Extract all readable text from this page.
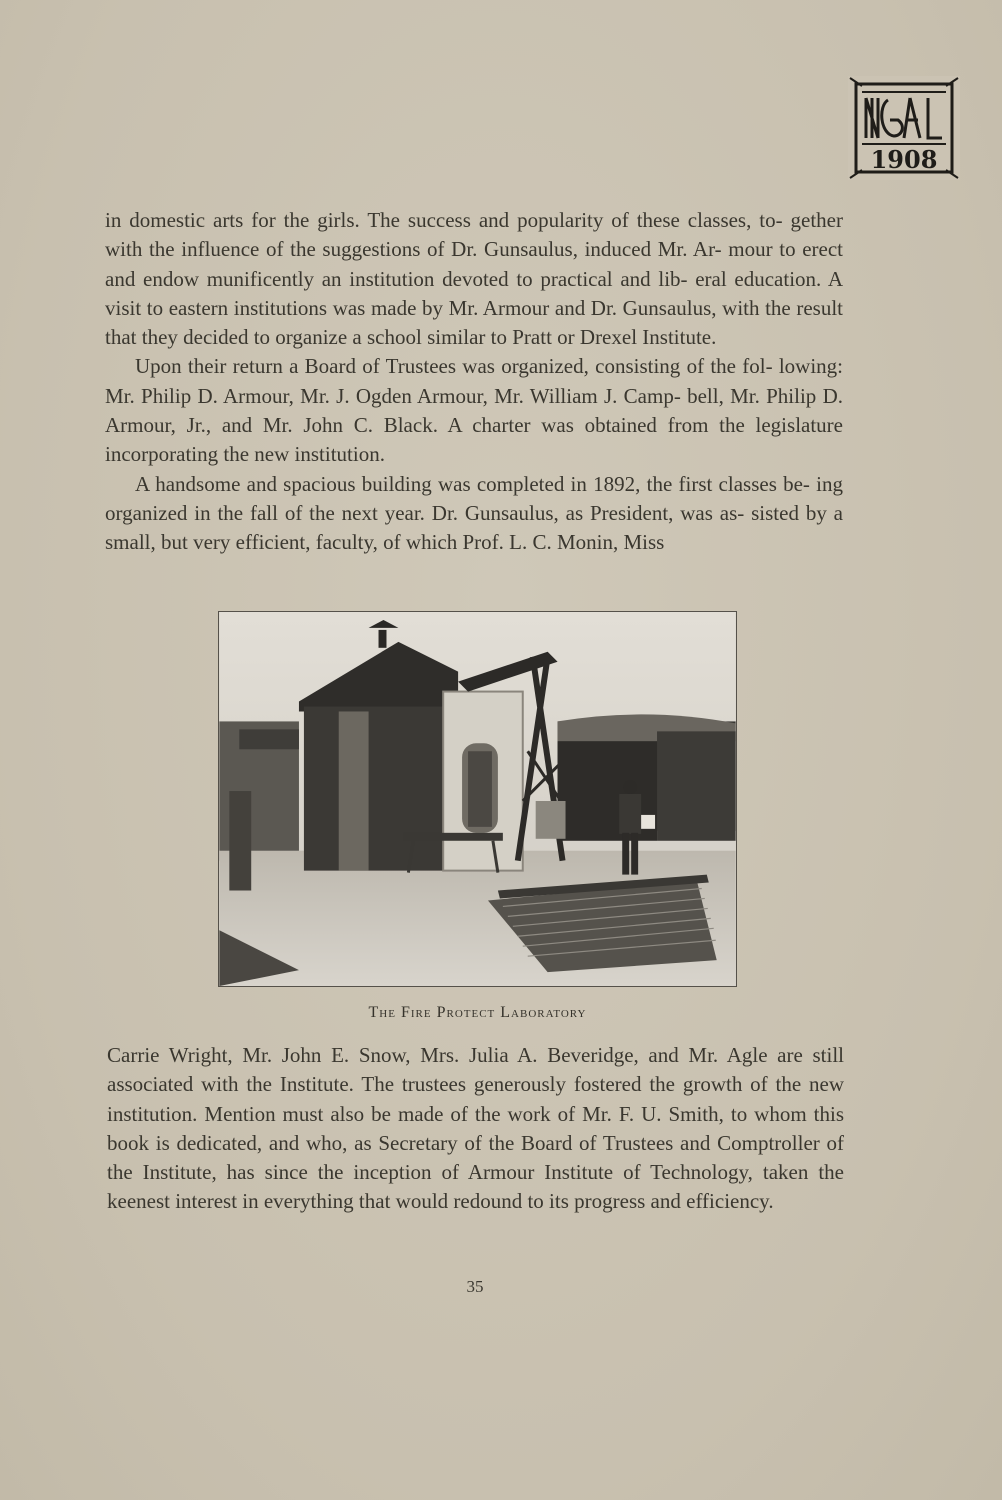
1908

in domestic arts for the girls. The success and popularity of these classes, to- gether with the influence of the suggestions of Dr. Gunsaulus, induced Mr. Ar- mour to erect and endow munificently an institution devoted to practical and lib- eral education. A visit to eastern institutions was made by Mr. Armour and Dr. Gunsaulus, with the result that they decided to organize a school similar to Pratt or Drexel Institute.

Upon their return a Board of Trustees was organized, consisting of the fol- lowing: Mr. Philip D. Armour, Mr. J. Ogden Armour, Mr. William J. Camp- bell, Mr. Philip D. Armour, Jr., and Mr. John C. Black. A charter was obtained from the legislature incorporating the new institution.

A handsome and spacious building was completed in 1892, the first classes be- ing organized in the fall of the next year. Dr. Gunsaulus, as President, was as- sisted by a small, but very efficient, faculty, of which Prof. L. C. Monin, Miss

The Fire Protect Laboratory

Carrie Wright, Mr. John E. Snow, Mrs. Julia A. Beveridge, and Mr. Agle are still associated with the Institute. The trustees generously fostered the growth of the new institution. Mention must also be made of the work of Mr. F. U. Smith, to whom this book is dedicated, and who, as Secretary of the Board of Trustees and Comptroller of the Institute, has since the inception of Armour Institute of Technology, taken the keenest interest in everything that would redound to its progress and efficiency.

35
